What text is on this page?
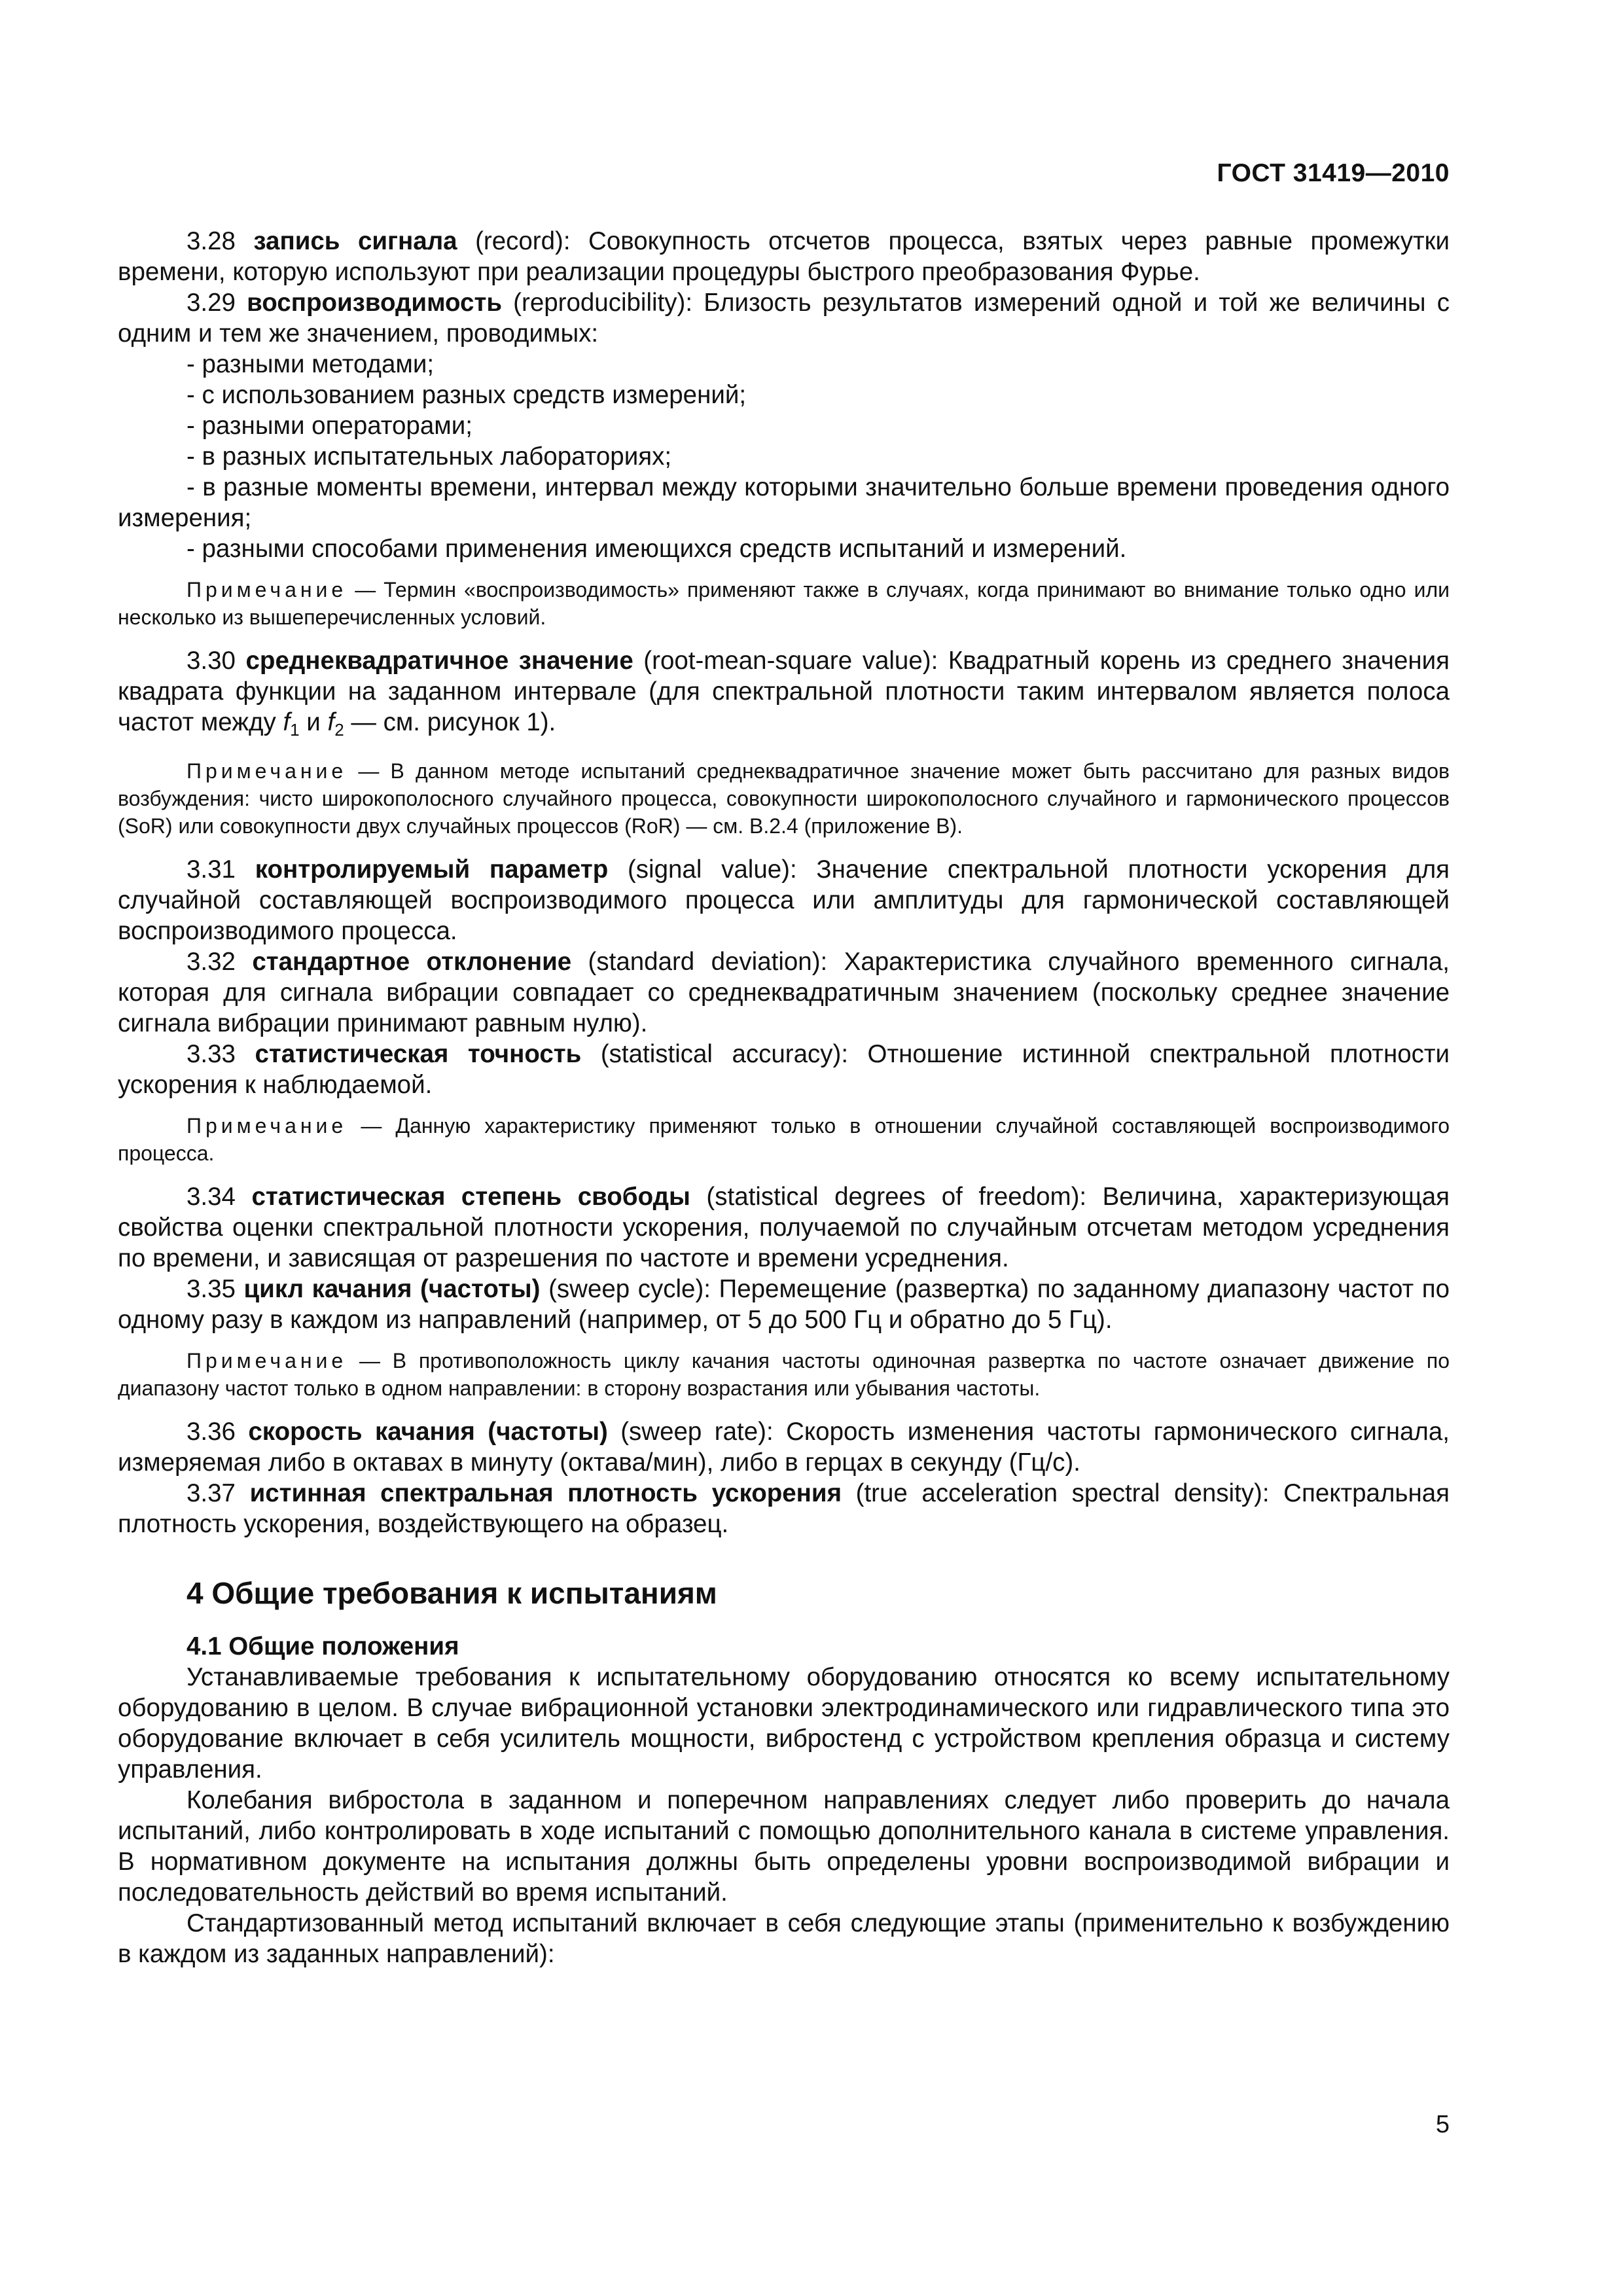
ГОСТ 31419—2010

3.28 запись сигнала (record): Совокупность отсчетов процесса, взятых через равные промежутки времени, которую используют при реализации процедуры быстрого преобразования Фурье.

3.29 воспроизводимость (reproducibility): Близость результатов измерений одной и той же величины с одним и тем же значением, проводимых:

- разными методами;

- с использованием разных средств измерений;

- разными операторами;

- в разных испытательных лабораториях;

- в разные моменты времени, интервал между которыми значительно больше времени проведения одного измерения;

- разными способами применения имеющихся средств испытаний и измерений.

Примечание — Термин «воспроизводимость» применяют также в случаях, когда принимают во внимание только одно или несколько из вышеперечисленных условий.

3.30 среднеквадратичное значение (root-mean-square value): Квадратный корень из среднего значения квадрата функции на заданном интервале (для спектральной плотности таким интервалом является полоса частот между $f_1$ и $f_2$ — см. рисунок 1).

Примечание — В данном методе испытаний среднеквадратичное значение может быть рассчитано для разных видов возбуждения: чисто широкополосного случайного процесса, совокупности широкополосного случайного и гармонического процессов (SoR) или совокупности двух случайных процессов (RoR) — см. В.2.4 (приложение В).

3.31 контролируемый параметр (signal value): Значение спектральной плотности ускорения для случайной составляющей воспроизводимого процесса или амплитуды для гармонической составляющей воспроизводимого процесса.

3.32 стандартное отклонение (standard deviation): Характеристика случайного временного сигнала, которая для сигнала вибрации совпадает со среднеквадратичным значением (поскольку среднее значение сигнала вибрации принимают равным нулю).

3.33 статистическая точность (statistical accuracy): Отношение истинной спектральной плотности ускорения к наблюдаемой.

Примечание — Данную характеристику применяют только в отношении случайной составляющей воспроизводимого процесса.

3.34 статистическая степень свободы (statistical degrees of freedom): Величина, характеризующая свойства оценки спектральной плотности ускорения, получаемой по случайным отсчетам методом усреднения по времени, и зависящая от разрешения по частоте и времени усреднения.

3.35 цикл качания (частоты) (sweep cycle): Перемещение (развертка) по заданному диапазону частот по одному разу в каждом из направлений (например, от 5 до 500 Гц и обратно до 5 Гц).

Примечание — В противоположность циклу качания частоты одиночная развертка по частоте означает движение по диапазону частот только в одном направлении: в сторону возрастания или убывания частоты.

3.36 скорость качания (частоты) (sweep rate): Скорость изменения частоты гармонического сигнала, измеряемая либо в октавах в минуту (октава/мин), либо в герцах в секунду (Гц/с).

3.37 истинная спектральная плотность ускорения (true acceleration spectral density): Спектральная плотность ускорения, воздействующего на образец.

4 Общие требования к испытаниям
4.1 Общие положения

Устанавливаемые требования к испытательному оборудованию относятся ко всему испытательному оборудованию в целом. В случае вибрационной установки электродинамического или гидравлического типа это оборудование включает в себя усилитель мощности, вибростенд с устройством крепления образца и систему управления.

Колебания вибростола в заданном и поперечном направлениях следует либо проверить до начала испытаний, либо контролировать в ходе испытаний с помощью дополнительного канала в системе управления. В нормативном документе на испытания должны быть определены уровни воспроизводимой вибрации и последовательность действий во время испытаний.

Стандартизованный метод испытаний включает в себя следующие этапы (применительно к возбуждению в каждом из заданных направлений):

5
